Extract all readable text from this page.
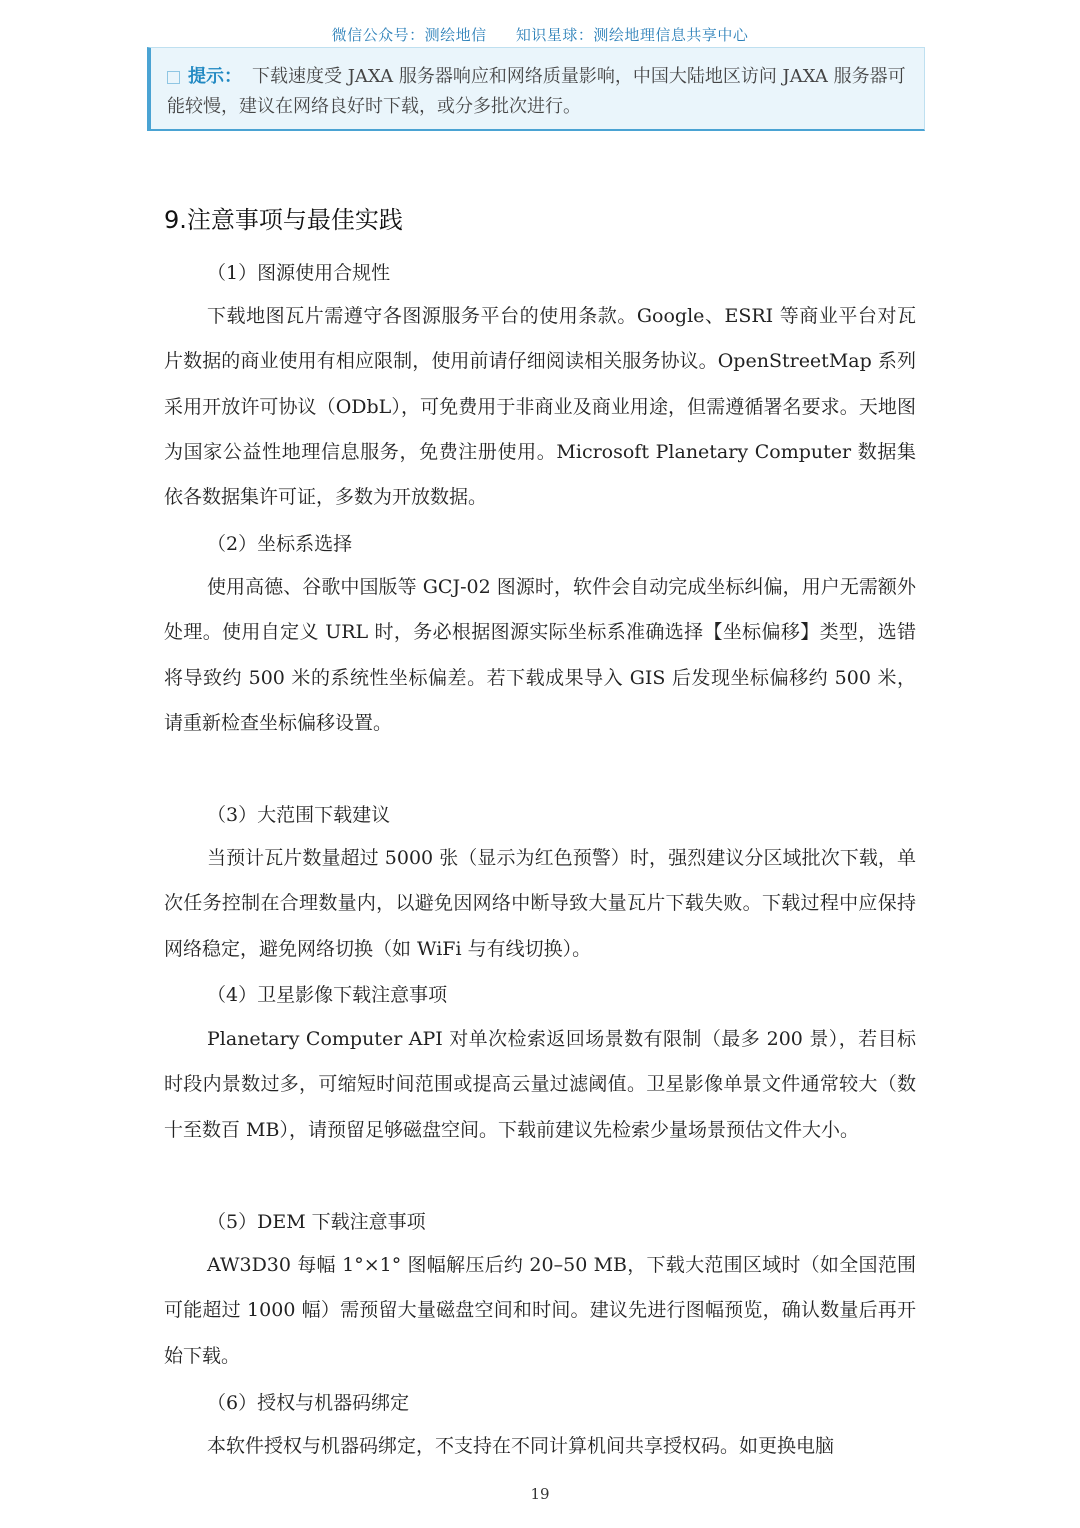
微信公众号：测绘地信 知识星球：测绘地理信息共享中心
提示： 下载速度受 JAXA 服务器响应和网络质量影响，中国大陆地区访问 JAXA 服务器可能较慢，建议在网络良好时下载，或分多批次进行。
9.注意事项与最佳实践
（1）图源使用合规性
下载地图瓦片需遵守各图源服务平台的使用条款。Google、ESRI 等商业平台对瓦片数据的商业使用有相应限制，使用前请仔细阅读相关服务协议。OpenStreetMap 系列采用开放许可协议（ODbL），可免费用于非商业及商业用途，但需遵循署名要求。天地图为国家公益性地理信息服务，免费注册使用。Microsoft Planetary Computer 数据集依各数据集许可证，多数为开放数据。
（2）坐标系选择
使用高德、谷歌中国版等 GCJ-02 图源时，软件会自动完成坐标纠偏，用户无需额外处理。使用自定义 URL 时，务必根据图源实际坐标系准确选择【坐标偏移】类型，选错将导致约 500 米的系统性坐标偏差。若下载成果导入 GIS 后发现坐标偏移约 500 米，请重新检查坐标偏移设置。
（3）大范围下载建议
当预计瓦片数量超过 5000 张（显示为红色预警）时，强烈建议分区域批次下载，单次任务控制在合理数量内，以避免因网络中断导致大量瓦片下载失败。下载过程中应保持网络稳定，避免网络切换（如 WiFi 与有线切换）。
（4）卫星影像下载注意事项
Planetary Computer API 对单次检索返回场景数有限制（最多 200 景），若目标时段内景数过多，可缩短时间范围或提高云量过滤阈值。卫星影像单景文件通常较大（数十至数百 MB），请预留足够磁盘空间。下载前建议先检索少量场景预估文件大小。
（5）DEM 下载注意事项
AW3D30 每幅 1°×1° 图幅解压后约 20–50 MB，下载大范围区域时（如全国范围可能超过 1000 幅）需预留大量磁盘空间和时间。建议先进行图幅预览，确认数量后再开始下载。
（6）授权与机器码绑定
本软件授权与机器码绑定，不支持在不同计算机间共享授权码。如更换电脑
19
